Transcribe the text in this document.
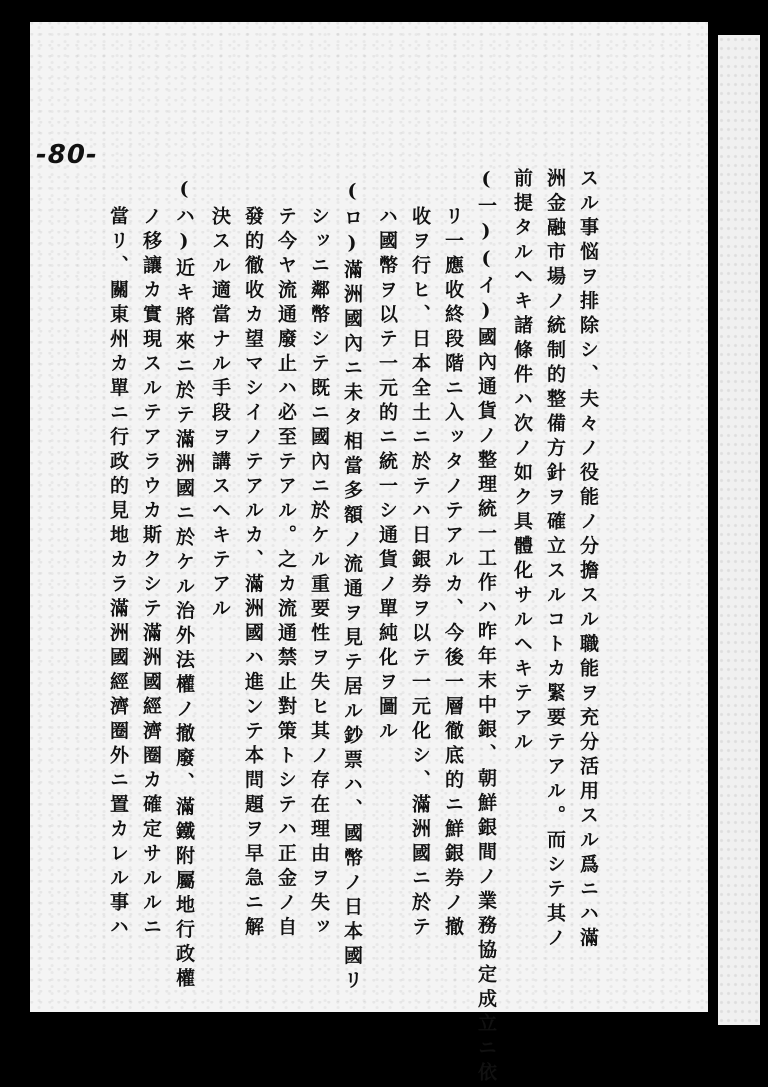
-80-
スル事悩ヲ排除シ、夫々ノ役能ノ分擔スル職能ヲ充分活用スル爲ニハ滿
洲金融市場ノ統制的整備方針ヲ確立スルコトカ緊要テアル。而シテ其ノ
前提タルヘキ諸條件ハ次ノ如ク具體化サルヘキテアル
(一)(イ)國內通貨ノ整理統一工作ハ昨年末中銀、朝鮮銀間ノ業務協定成立ニ依
リ一應收終段階ニ入ッタノテアルカ、今後一層徹底的ニ鮮銀券ノ撤
收ヲ行ヒ、日本全土ニ於テハ日銀券ヲ以テ一元化シ、滿洲國ニ於テ
ハ國幣ヲ以テ一元的ニ統一シ通貨ノ單純化ヲ圖ル
(ロ)滿洲國內ニ未タ相當多額ノ流通ヲ見テ居ル鈔票ハ、國幣ノ日本國リ
シッニ鄰幣シテ既ニ國內ニ於ケル重要性ヲ失ヒ其ノ存在理由ヲ失ッ
テ今ヤ流通廢止ハ必至テアル。之カ流通禁止對策トシテハ正金ノ自
發的徹收カ望マシイノテアルカ、滿洲國ハ進ンテ本問題ヲ早急ニ解
決スル適當ナル手段ヲ講スヘキテアル
(ハ)近キ將來ニ於テ滿洲國ニ於ケル治外法權ノ撤廢、滿鐵附屬地行政權
ノ移讓カ實現スルテアラウカ斯クシテ滿洲國經濟圈カ確定サルルニ
當リ、關東州カ單ニ行政的見地カラ滿洲國經濟圈外ニ置カレル事ハ
